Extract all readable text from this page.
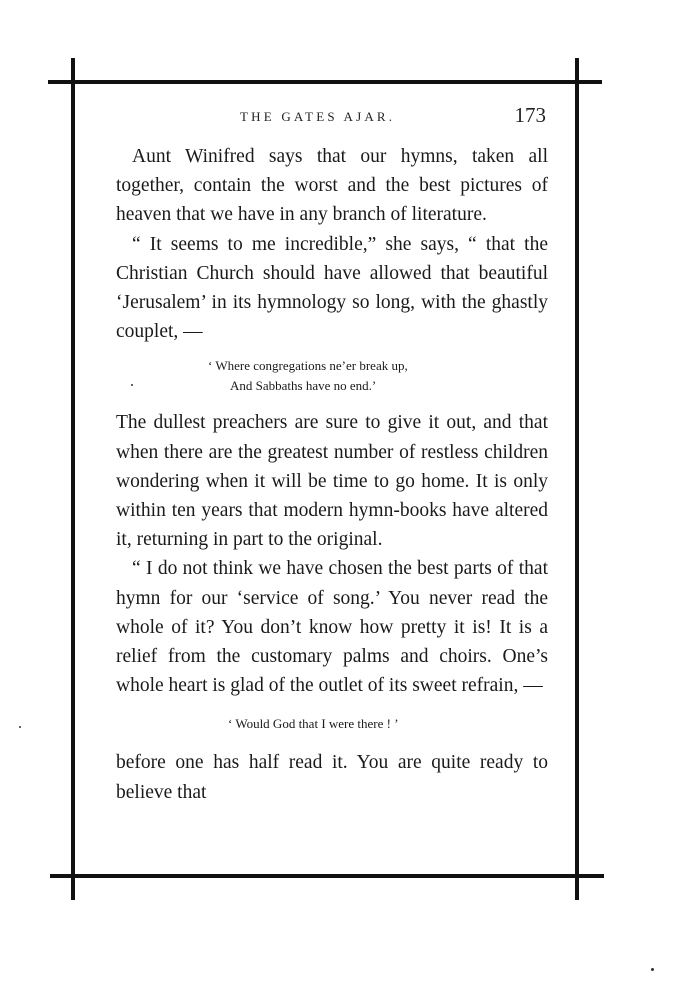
THE GATES AJAR.	173

Aunt Winifred says that our hymns, taken all together, contain the worst and the best pictures of heaven that we have in any branch of literature.

“ It seems to me incredible,” she says, “ that the Christian Church should have allowed that beautiful ‘Jerusalem’ in its hymnology so long, with the ghastly couplet, —

‘ Where congregations ne’er break up,
And Sabbaths have no end.’

The dullest preachers are sure to give it out, and that when there are the greatest number of restless children wondering when it will be time to go home. It is only within ten years that modern hymn-books have altered it, returning in part to the original.

“ I do not think we have chosen the best parts of that hymn for our ‘service of song.’ You never read the whole of it? You don’t know how pretty it is! It is a relief from the customary palms and choirs. One’s whole heart is glad of the outlet of its sweet refrain, —

‘ Would God that I were there ! ’

before one has half read it. You are quite ready to believe that
